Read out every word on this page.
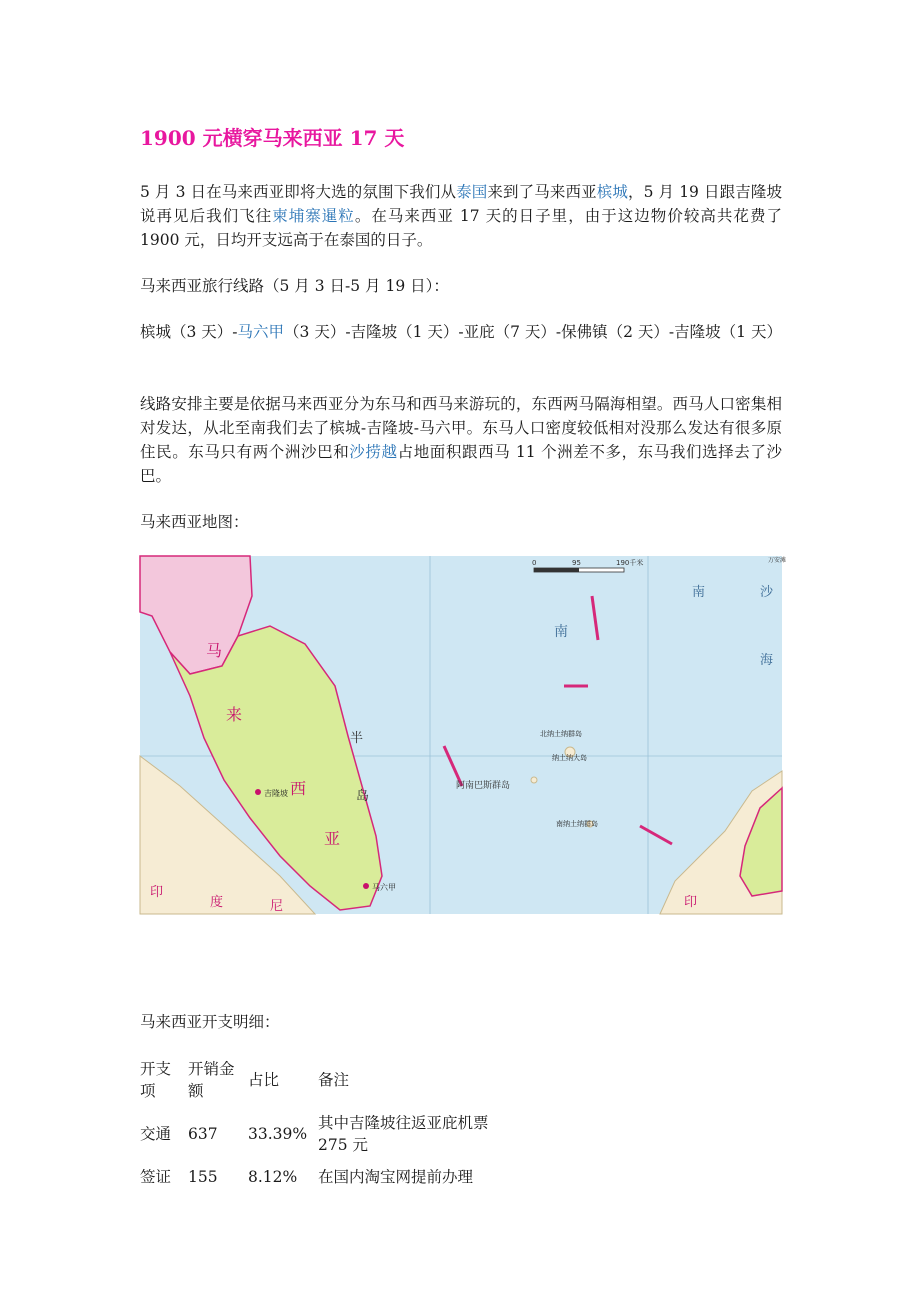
1900 元横穿马来西亚 17 天
5 月 3 日在马来西亚即将大选的氛围下我们从泰国来到了马来西亚槟城，5 月 19 日跟吉隆坡说再见后我们飞往柬埔寨暹粒。在马来西亚 17 天的日子里，由于这边物价较高共花费了 1900 元，日均开支远高于在泰国的日子。
马来西亚旅行线路（5 月 3 日-5 月 19 日）：
槟城（3 天）-马六甲（3 天）-吉隆坡（1 天）-亚庇（7 天）-保佛镇（2 天）-吉隆坡（1 天）
线路安排主要是依据马来西亚分为东马和西马来游玩的，东西两马隔海相望。西马人口密集相对发达，从北至南我们去了槟城-吉隆坡-马六甲。东马人口密度较低相对没那么发达有很多原住民。东马只有两个洲沙巴和沙捞越占地面积跟西马 11 个洲差不多，东马我们选择去了沙巴。
马来西亚地图：
0	95	190千米
南	沙
海
南
万安滩
马
来
西
亚
半
岛
印
度	尼	印
吉隆坡
马六甲
北纳土纳群岛
纳土纳大岛
南纳土纳群岛
阿南巴斯群岛
马来西亚开支明细：
开支项	开销金额	占比	备注
交通	637	33.39%	其中吉隆坡往返亚庇机票 275 元
签证	155	8.12%	在国内淘宝网提前办理
